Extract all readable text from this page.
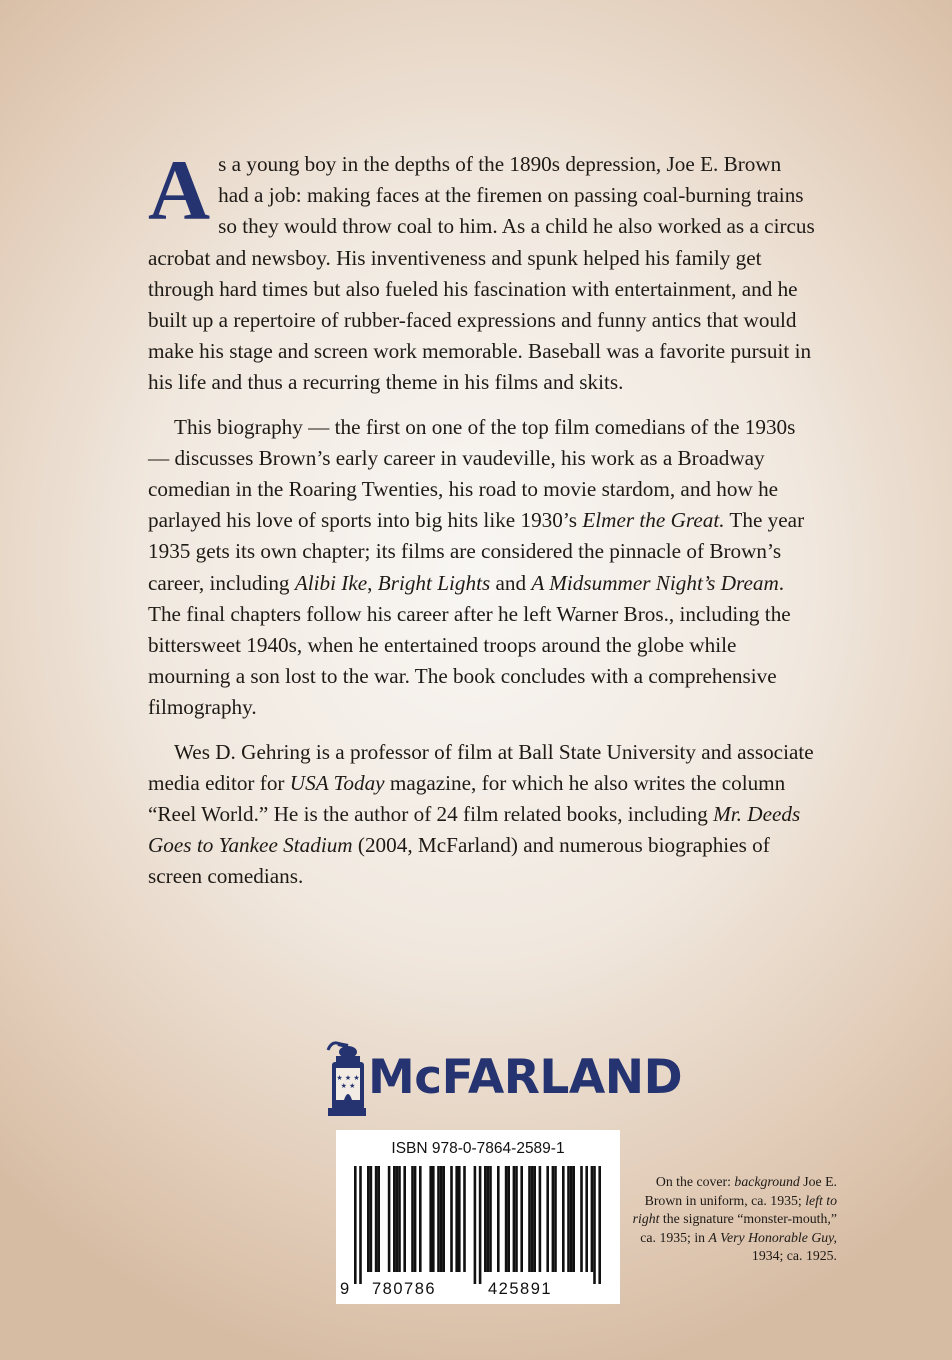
As a young boy in the depths of the 1890s depression, Joe E. Brown had a job: making faces at the firemen on passing coal-burning trains so they would throw coal to him. As a child he also worked as a circus acrobat and newsboy. His inventiveness and spunk helped his family get through hard times but also fueled his fascination with entertainment, and he built up a repertoire of rubber-faced expressions and funny antics that would make his stage and screen work memorable. Baseball was a favorite pursuit in his life and thus a recurring theme in his films and skits.

This biography — the first on one of the top film comedians of the 1930s — discusses Brown’s early career in vaudeville, his work as a Broadway comedian in the Roaring Twenties, his road to movie stardom, and how he parlayed his love of sports into big hits like 1930’s Elmer the Great. The year 1935 gets its own chapter; its films are considered the pinnacle of Brown’s career, including Alibi Ike, Bright Lights and A Midsummer Night’s Dream. The final chapters follow his career after he left Warner Bros., including the bittersweet 1940s, when he entertained troops around the globe while mourning a son lost to the war. The book concludes with a comprehensive filmography.

Wes D. Gehring is a professor of film at Ball State University and associate media editor for USA Today magazine, for which he also writes the column “Reel World.” He is the author of 24 film related books, including Mr. Deeds Goes to Yankee Stadium (2004, McFarland) and numerous biographies of screen comedians.

★ ★ ★
★ ★ McFARLAND
ISBN 978-0-7864-2589-1
9 780786	425891
On the cover: background Joe E. Brown in uniform, ca. 1935; left to right the signature “monster-mouth,” ca. 1935; in A Very Honorable Guy, 1934; ca. 1925.
